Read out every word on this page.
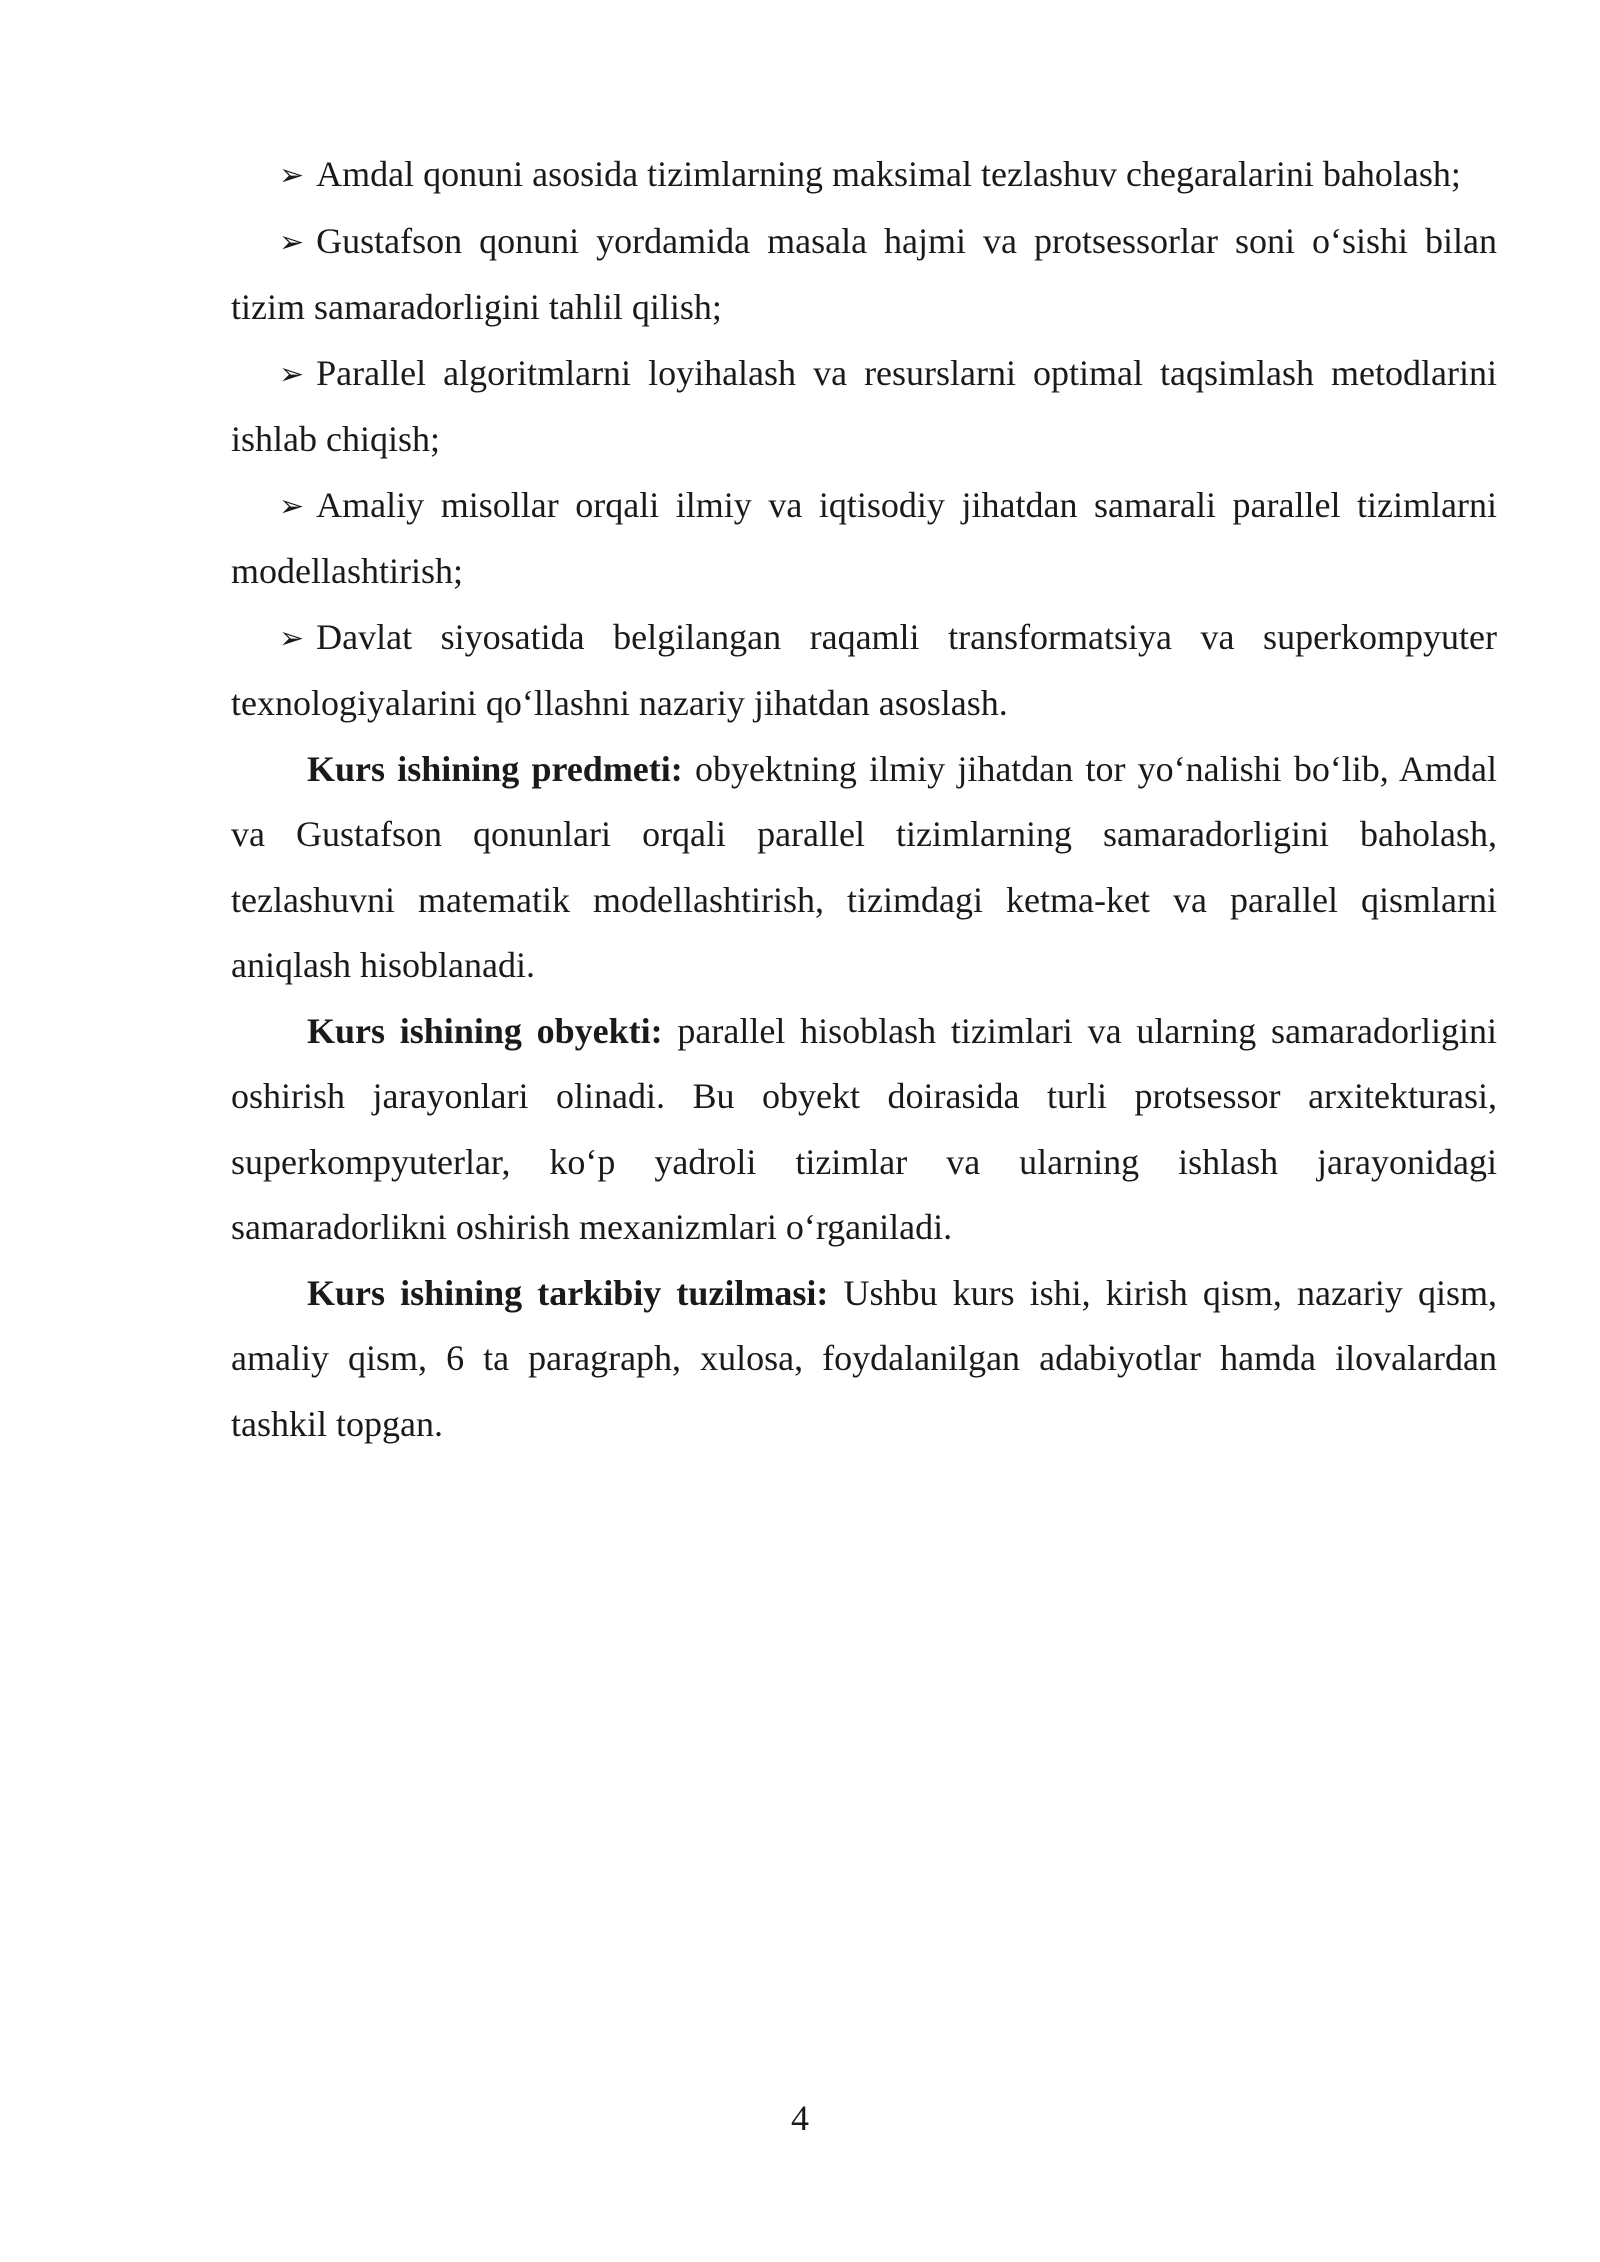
➢ Amdal qonuni asosida tizimlarning maksimal tezlashuv chegaralarini baholash;

➢ Gustafson qonuni yordamida masala hajmi va protsessorlar soni o‘sishi bilan tizim samaradorligini tahlil qilish;

➢ Parallel algoritmlarni loyihalash va resurslarni optimal taqsimlash metodlarini ishlab chiqish;

➢ Amaliy misollar orqali ilmiy va iqtisodiy jihatdan samarali parallel tizimlarni modellashtirish;

➢ Davlat siyosatida belgilangan raqamli transformatsiya va superkompyuter texnologiyalarini qo‘llashni nazariy jihatdan asoslash.

Kurs ishining predmeti: obyektning ilmiy jihatdan tor yo‘nalishi bo‘lib, Amdal va Gustafson qonunlari orqali parallel tizimlarning samaradorligini baholash, tezlashuvni matematik modellashtirish, tizimdagi ketma-ket va parallel qismlarni aniqlash hisoblanadi.

Kurs ishining obyekti: parallel hisoblash tizimlari va ularning samaradorligini oshirish jarayonlari olinadi. Bu obyekt doirasida turli protsessor arxitekturasi, superkompyuterlar, ko‘p yadroli tizimlar va ularning ishlash jarayonidagi samaradorlikni oshirish mexanizmlari o‘rganiladi.

Kurs ishining tarkibiy tuzilmasi: Ushbu kurs ishi, kirish qism, nazariy qism, amaliy qism, 6 ta paragraph, xulosa, foydalanilgan adabiyotlar hamda ilovalardan tashkil topgan.

4
